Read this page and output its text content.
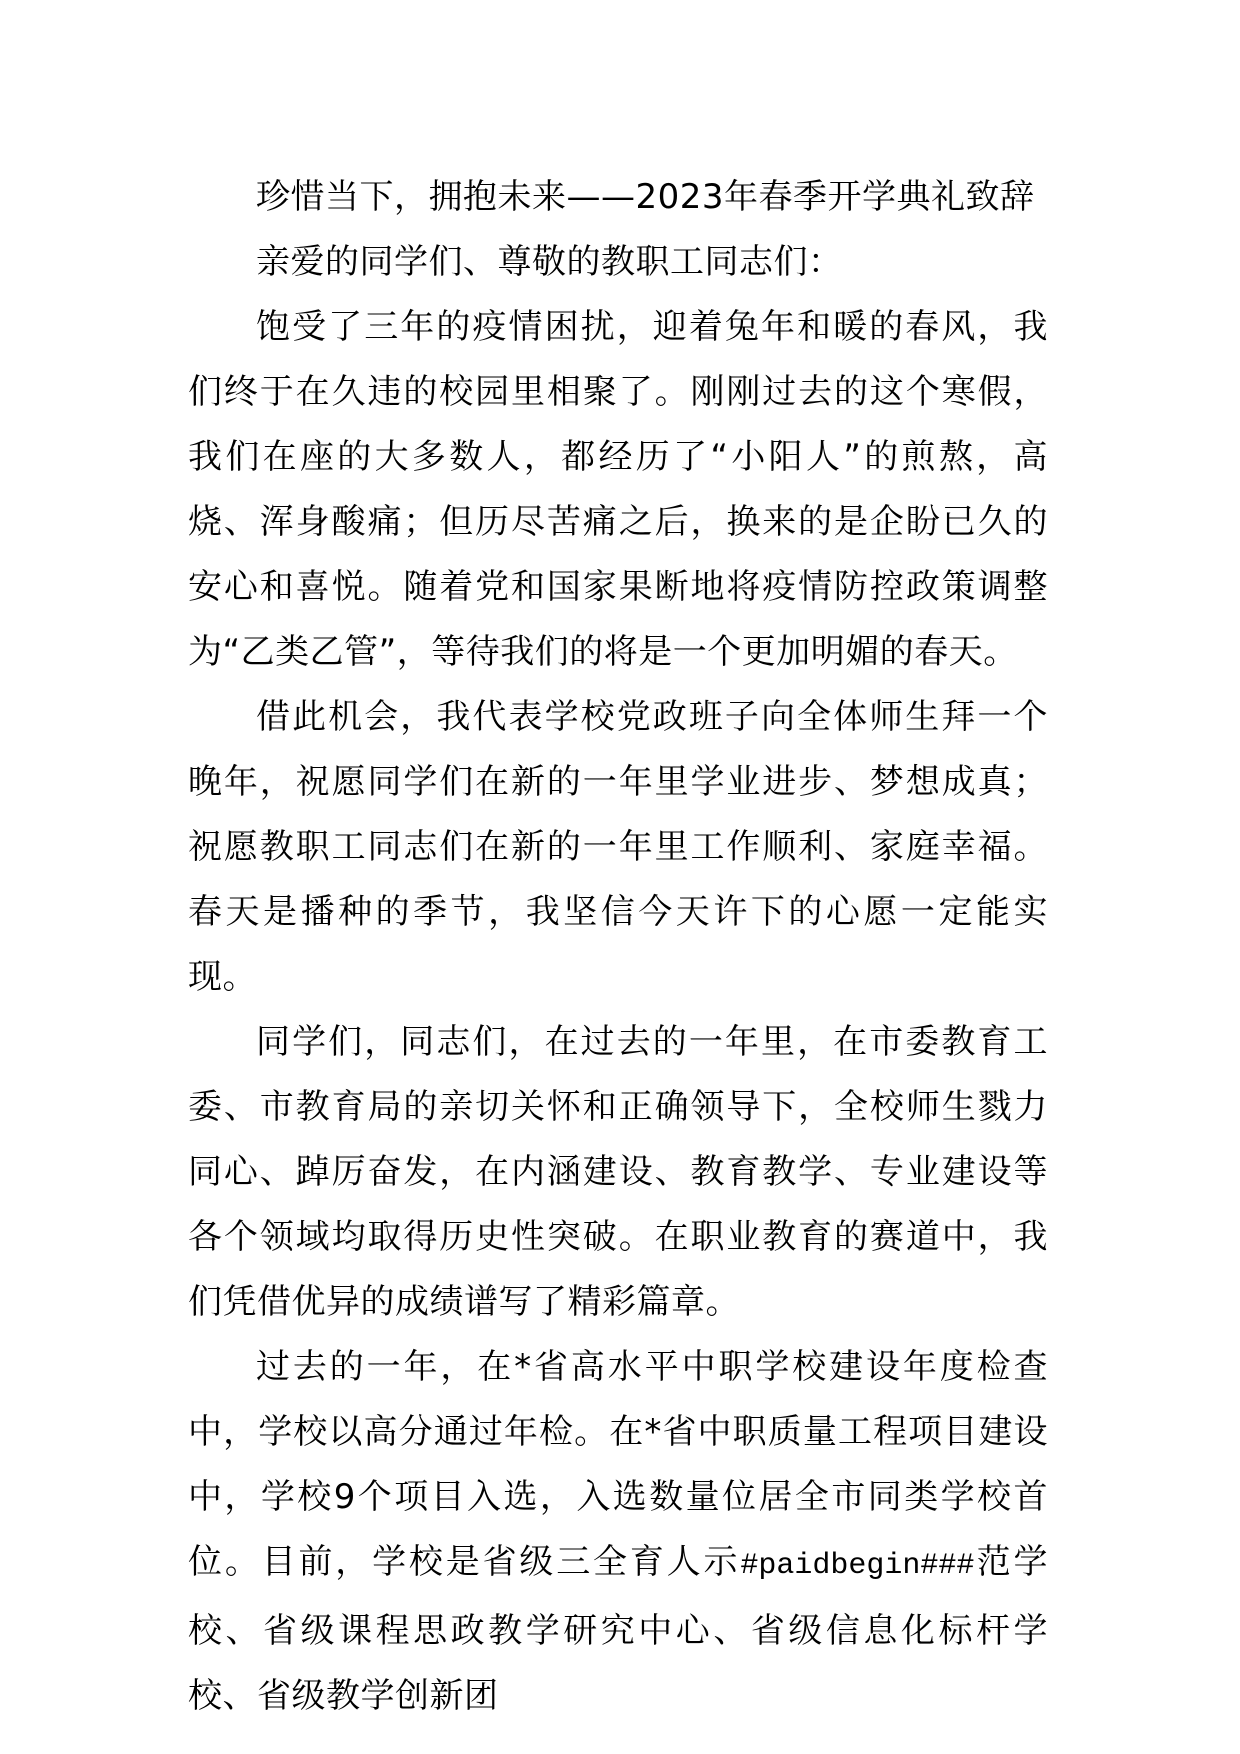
珍惜当下，拥抱未来——2023年春季开学典礼致辞

亲爱的同学们、尊敬的教职工同志们：

饱受了三年的疫情困扰，迎着兔年和暖的春风，我们终于在久违的校园里相聚了。刚刚过去的这个寒假，我们在座的大多数人，都经历了“小阳人”的煎熬，高烧、浑身酸痛；但历尽苦痛之后，换来的是企盼已久的安心和喜悦。随着党和国家果断地将疫情防控政策调整为“乙类乙管”，等待我们的将是一个更加明媚的春天。

借此机会，我代表学校党政班子向全体师生拜一个晚年，祝愿同学们在新的一年里学业进步、梦想成真；祝愿教职工同志们在新的一年里工作顺利、家庭幸福。春天是播种的季节，我坚信今天许下的心愿一定能实现。

同学们，同志们，在过去的一年里，在市委教育工委、市教育局的亲切关怀和正确领导下，全校师生戮力同心、踔厉奋发，在内涵建设、教育教学、专业建设等各个领域均取得历史性突破。在职业教育的赛道中，我们凭借优异的成绩谱写了精彩篇章。

过去的一年，在*省高水平中职学校建设年度检查中，学校以高分通过年检。在*省中职质量工程项目建设中，学校9个项目入选，入选数量位居全市同类学校首位。目前，学校是省级三全育人示#paidbegin###范学校、省级课程思政教学研究中心、省级信息化标杆学校、省级教学创新团
